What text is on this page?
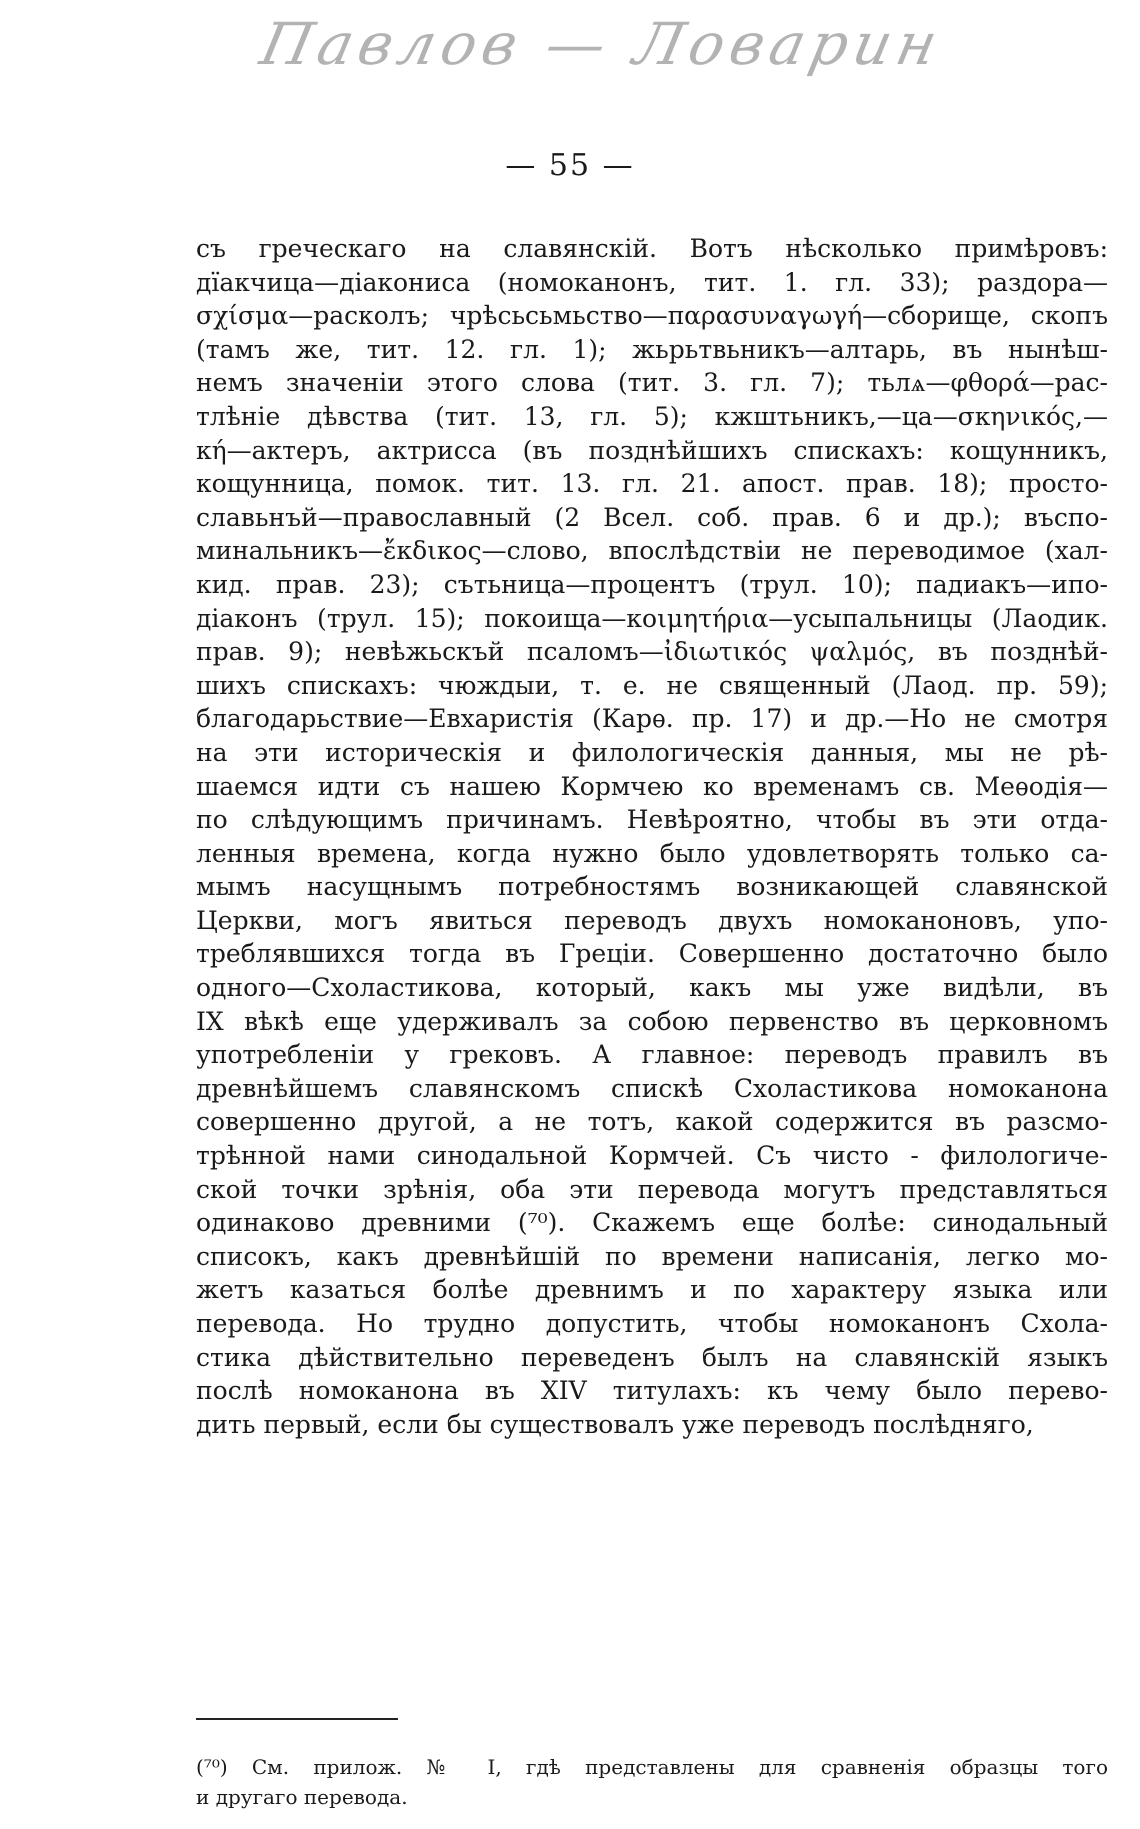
Павлов — Ловарин
— 55 —
съ греческаго на славянскій. Вотъ нѣсколько примѣровъ:
дїакчица—діакониса (номоканонъ, тит. 1. гл. 33); раздора—
σχίσμα—расколъ; чрѣсьсьмьство—παρασυναγωγή—сборище, скопъ
(тамъ же, тит. 12. гл. 1); жьрьтвьникъ—алтарь, въ нынѣш-
немъ значеніи этого слова (тит. 3. гл. 7); тьлѧ—φθορά—рас-
тлѣніе дѣвства (тит. 13, гл. 5); кжштьникъ,—ца—σκηνικός,—
κή—актеръ, актрисса (въ позднѣйшихъ спискахъ: кощунникъ,
кощунница, помок. тит. 13. гл. 21. апост. прав. 18); просто-
славьнъй—православный (2 Всел. соб. прав. 6 и др.); въспо-
минальникъ—ἔκδικος—слово, впослѣдствіи не переводимое (хал-
кид. прав. 23); сътьница—процентъ (трул. 10); падиакъ—ипо-
діаконъ (трул. 15); покоища—κοιμητήρια—усыпальницы (Лаодик.
прав. 9); невѣжьскъй псаломъ—ἰδιωτικός ψαλμός, въ позднѣй-
шихъ спискахъ: чюждыи, т. е. не священный (Лаод. пр. 59);
благодарьствие—Евхаристія (Карѳ. пр. 17) и др.—Но не смотря
на эти историческія и филологическія данныя, мы не рѣ-
шаемся идти съ нашею Кормчею ко временамъ св. Меѳодія—
по слѣдующимъ причинамъ. Невѣроятно, чтобы въ эти отда-
ленныя времена, когда нужно было удовлетворять только са-
мымъ насущнымъ потребностямъ возникающей славянской
Церкви, могъ явиться переводъ двухъ номоканоновъ, упо-
треблявшихся тогда въ Греціи. Совершенно достаточно было
одного—Схоластикова, который, какъ мы уже видѣли, въ
IX вѣкѣ еще удерживалъ за собою первенство въ церковномъ
употребленіи у грековъ. А главное: переводъ правилъ въ
древнѣйшемъ славянскомъ спискѣ Схоластикова номоканона
совершенно другой, а не тотъ, какой содержится въ разсмо-
трѣнной нами синодальной Кормчей. Съ чисто - филологиче-
ской точки зрѣнія, оба эти перевода могутъ представляться
одинаково древними (⁷⁰). Скажемъ еще болѣе: синодальный
списокъ, какъ древнѣйшій по времени написанія, легко мо-
жетъ казаться болѣе древнимъ и по характеру языка или
перевода. Но трудно допустить, чтобы номоканонъ Схола-
стика дѣйствительно переведенъ былъ на славянскій языкъ
послѣ номоканона въ XIV титулахъ: къ чему было перево-
дить первый, если бы существовалъ уже переводъ послѣдняго,
(⁷⁰) См. прилож. № I, гдѣ представлены для сравненія образцы того
и другаго перевода.
